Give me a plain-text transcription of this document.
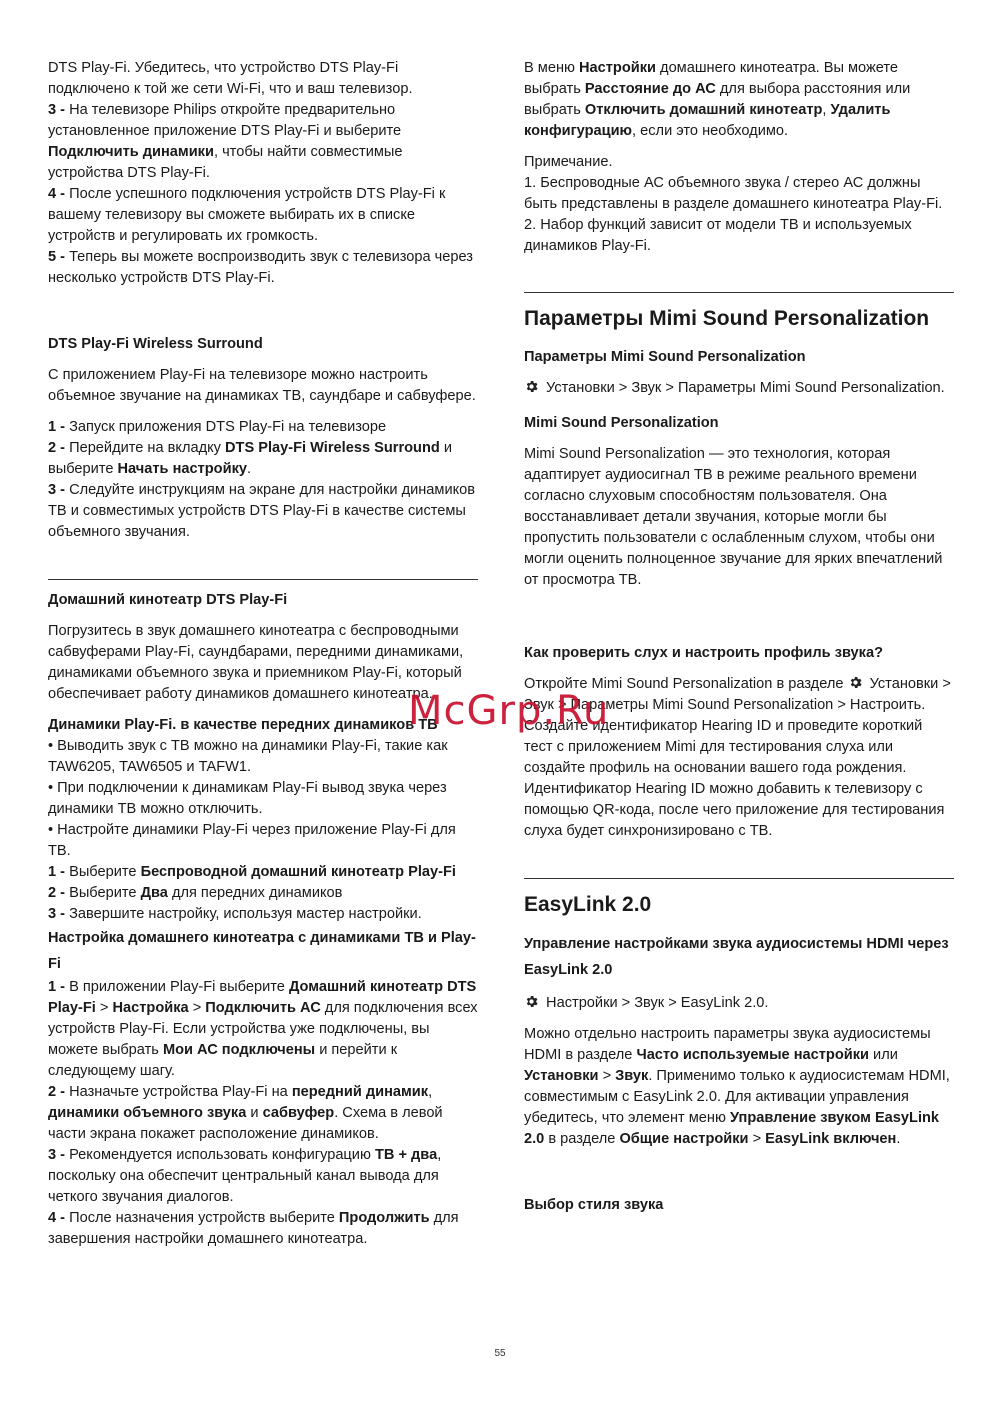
DTS Play-Fi. Убедитесь, что устройство DTS Play-Fi подключено к той же сети Wi-Fi, что и ваш телевизор.

3 - На телевизоре Philips откройте предварительно установленное приложение DTS Play-Fi и выберите Подключить динамики, чтобы найти совместимые устройства DTS Play-Fi.

4 - После успешного подключения устройств DTS Play-Fi к вашему телевизору вы сможете выбирать их в списке устройств и регулировать их громкость.

5 - Теперь вы можете воспроизводить звук с телевизора через несколько устройств DTS Play-Fi.

DTS Play-Fi Wireless Surround

С приложением Play-Fi на телевизоре можно настроить объемное звучание на динамиках ТВ, саундбаре и сабвуфере.

1 - Запуск приложения DTS Play-Fi на телевизоре

2 - Перейдите на вкладку DTS Play-Fi Wireless Surround и выберите Начать настройку.

3 - Следуйте инструкциям на экране для настройки динамиков ТВ и совместимых устройств DTS Play-Fi в качестве системы объемного звучания.

Домашний кинотеатр DTS Play-Fi

Погрузитесь в звук домашнего кинотеатра с беспроводными сабвуферами Play-Fi, саундбарами, передними динамиками, динамиками объемного звука и приемником Play-Fi, который обеспечивает работу динамиков домашнего кинотеатра.

Динамики Play-Fi. в качестве передних динамиков ТВ

• Выводить звук с ТВ можно на динамики Play-Fi, такие как TAW6205, TAW6505 и TAFW1.

• При подключении к динамикам Play-Fi вывод звука через динамики ТВ можно отключить.

• Настройте динамики Play-Fi через приложение Play-Fi для ТВ.

1 - Выберите Беспроводной домашний кинотеатр Play-Fi

2 - Выберите Два для передних динамиков

3 - Завершите настройку, используя мастер настройки.

Настройка домашнего кинотеатра с динамиками ТВ и Play-Fi

1 - В приложении Play-Fi выберите Домашний кинотеатр DTS Play-Fi > Настройка > Подключить АС для подключения всех устройств Play-Fi. Если устройства уже подключены, вы можете выбрать Мои АС подключены и перейти к следующему шагу.

2 - Назначьте устройства Play-Fi на передний динамик, динамики объемного звука и сабвуфер. Схема в левой части экрана покажет расположение динамиков.

3 - Рекомендуется использовать конфигурацию ТВ + два, поскольку она обеспечит центральный канал вывода для четкого звучания диалогов.

4 - После назначения устройств выберите Продолжить для завершения настройки домашнего кинотеатра.

В меню Настройки домашнего кинотеатра. Вы можете выбрать Расстояние до АС для выбора расстояния или выбрать Отключить домашний кинотеатр, Удалить конфигурацию, если это необходимо.

Примечание.

1. Беспроводные АС объемного звука / стерео АС должны быть представлены в разделе домашнего кинотеатра Play-Fi.

2. Набор функций зависит от модели ТВ и используемых динамиков Play-Fi.

Параметры Mimi Sound Personalization

Параметры Mimi Sound Personalization

Установки > Звук > Параметры Mimi Sound Personalization.

Mimi Sound Personalization

Mimi Sound Personalization — это технология, которая адаптирует аудиосигнал ТВ в режиме реального времени согласно слуховым способностям пользователя. Она восстанавливает детали звучания, которые могли бы пропустить пользователи с ослабленным слухом, чтобы они могли оценить полноценное звучание для ярких впечатлений от просмотра ТВ.

Как проверить слух и настроить профиль звука?

Откройте Mimi Sound Personalization в разделе  Установки > Звук > Параметры Mimi Sound Personalization > Настроить. Создайте идентификатор Hearing ID и проведите короткий тест с приложением Mimi для тестирования слуха или создайте профиль на основании вашего года рождения. Идентификатор Hearing ID можно добавить к телевизору с помощью QR-кода, после чего приложение для тестирования слуха будет синхронизировано с ТВ.

EasyLink 2.0

Управление настройками звука аудиосистемы HDMI через EasyLink 2.0

Настройки > Звук > EasyLink 2.0.

Можно отдельно настроить параметры звука аудиосистемы HDMI в разделе Часто используемые настройки или Установки > Звук. Применимо только к аудиосистемам HDMI, совместимым с EasyLink 2.0. Для активации управления убедитесь, что элемент меню Управление звуком EasyLink 2.0 в разделе Общие настройки > EasyLink включен.

Выбор стиля звука

McGrp.Ru
55
